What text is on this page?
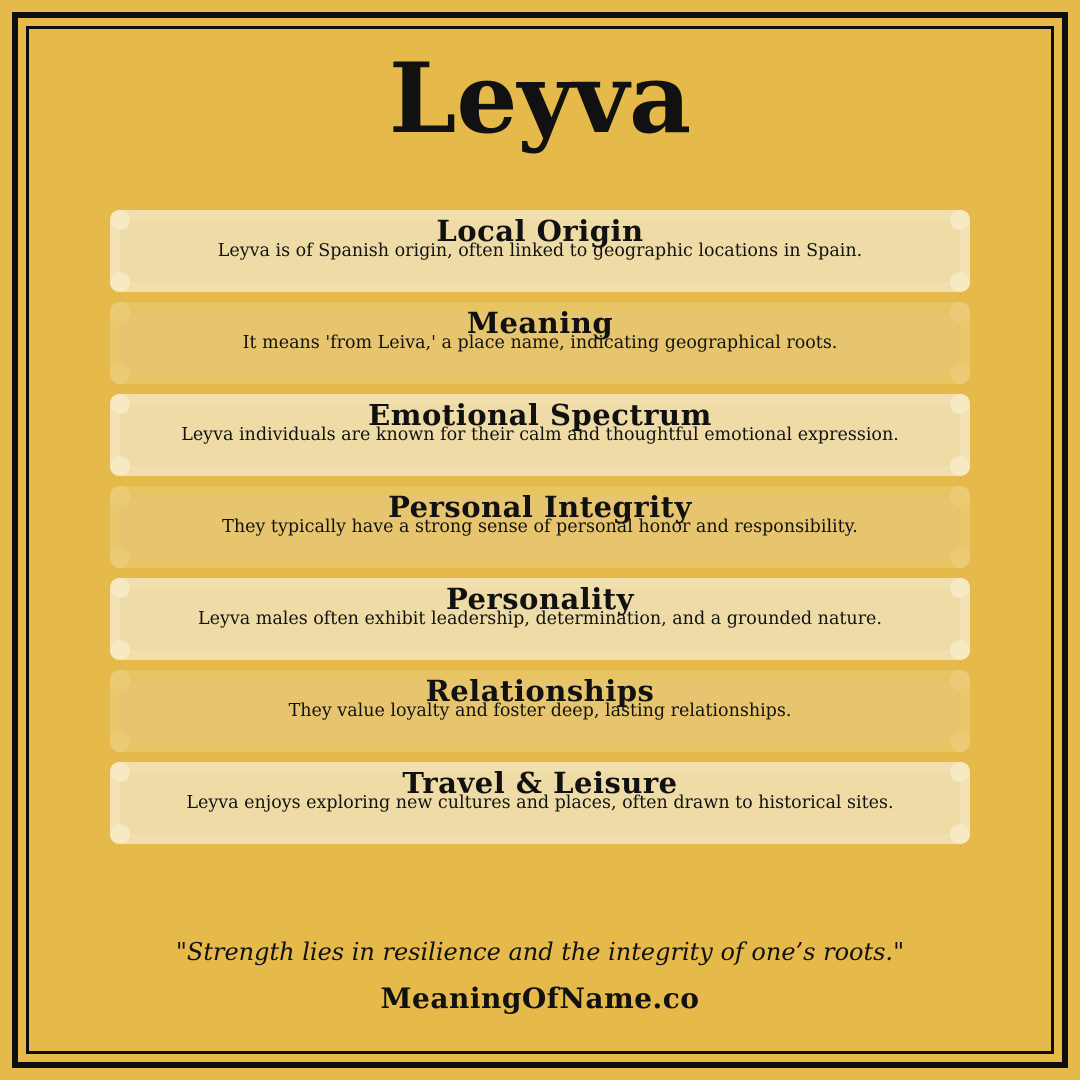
Leyva
Local Origin

Leyva is of Spanish origin, often linked to geographic locations in Spain.

Meaning

It means 'from Leiva,' a place name, indicating geographical roots.

Emotional Spectrum

Leyva individuals are known for their calm and thoughtful emotional expression.

Personal Integrity

They typically have a strong sense of personal honor and responsibility.

Personality

Leyva males often exhibit leadership, determination, and a grounded nature.

Relationships

They value loyalty and foster deep, lasting relationships.

Travel & Leisure

Leyva enjoys exploring new cultures and places, often drawn to historical sites.

"Strength lies in resilience and the integrity of one’s roots."
MeaningOfName.co
